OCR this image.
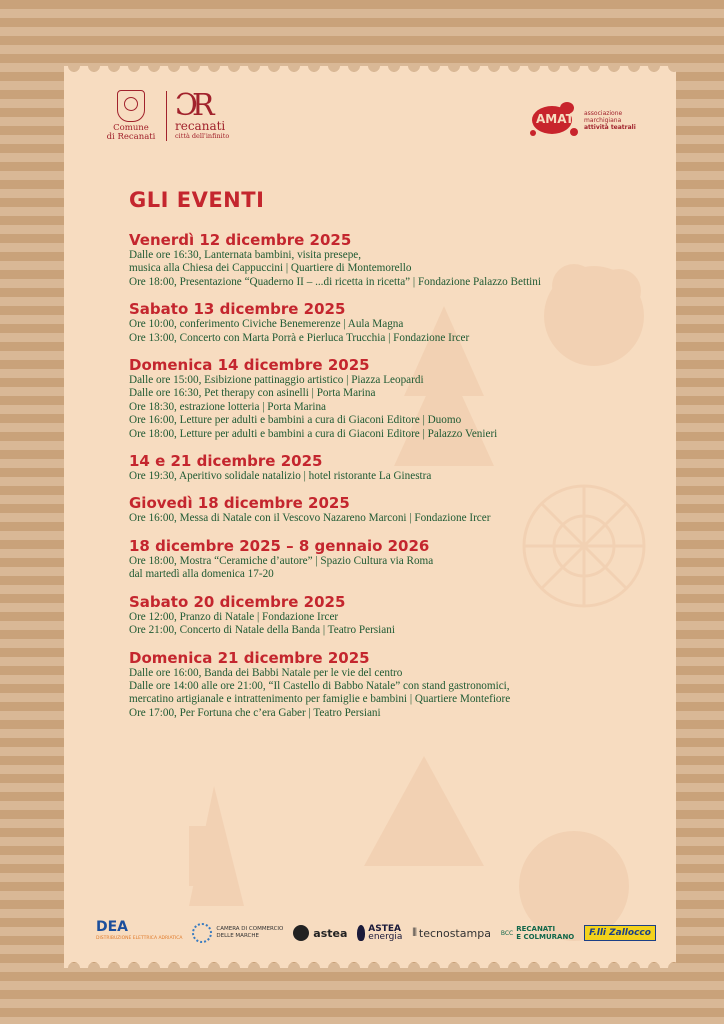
Comune
di Recanati
ƆR
recanati
città dell'infinito
AMAT associazione
marchigiana
attività teatrali
GLI EVENTI
Venerdì 12 dicembre 2025
Dalle ore 16:30, Lanternata bambini, visita presepe,
musica alla Chiesa dei Cappuccini | Quartiere di Montemorello
Ore 18:00, Presentazione “Quaderno II – ...di ricetta in ricetta” | Fondazione Palazzo Bettini
Sabato 13 dicembre 2025
Ore 10:00, conferimento Civiche Benemerenze | Aula Magna
Ore 13:00, Concerto con Marta Porrà e Pierluca Trucchia | Fondazione Ircer
Domenica 14 dicembre 2025
Dalle ore 15:00, Esibizione pattinaggio artistico | Piazza Leopardi
Dalle ore 16:30, Pet therapy con asinelli | Porta Marina
Ore 18:30, estrazione lotteria | Porta Marina
Ore 16:00, Letture per adulti e bambini a cura di Giaconi Editore | Duomo
Ore 18:00, Letture per adulti e bambini a cura di Giaconi Editore | Palazzo Venieri
14 e 21 dicembre 2025
Ore 19:30, Aperitivo solidale natalizio | hotel ristorante La Ginestra
Giovedì 18 dicembre 2025
Ore 16:00, Messa di Natale con il Vescovo Nazareno Marconi | Fondazione Ircer
18 dicembre 2025 – 8 gennaio 2026
Ore 18:00, Mostra “Ceramiche d’autore” | Spazio Cultura via Roma
dal martedì alla domenica 17-20
Sabato 20 dicembre 2025
Ore 12:00, Pranzo di Natale | Fondazione Ircer
Ore 21:00, Concerto di Natale della Banda | Teatro Persiani
Domenica 21 dicembre 2025
Dalle ore 16:00, Banda dei Babbi Natale per le vie del centro
Dalle ore 14:00 alle ore 21:00, “Il Castello di Babbo Natale” con stand gastronomici,
mercatino artigianale e intrattenimento per famiglie e bambini | Quartiere Montefiore
Ore 17:00, Per Fortuna che c’era Gaber | Teatro Persiani
DEA
DISTRIBUZIONE ELETTRICA ADRIATICA
CAMERA DI COMMERCIO
DELLE MARCHE	astea ASTEA
energia ⫴ tecnostampa BCC RECANATI
E COLMURANO	F.lli Zallocco
